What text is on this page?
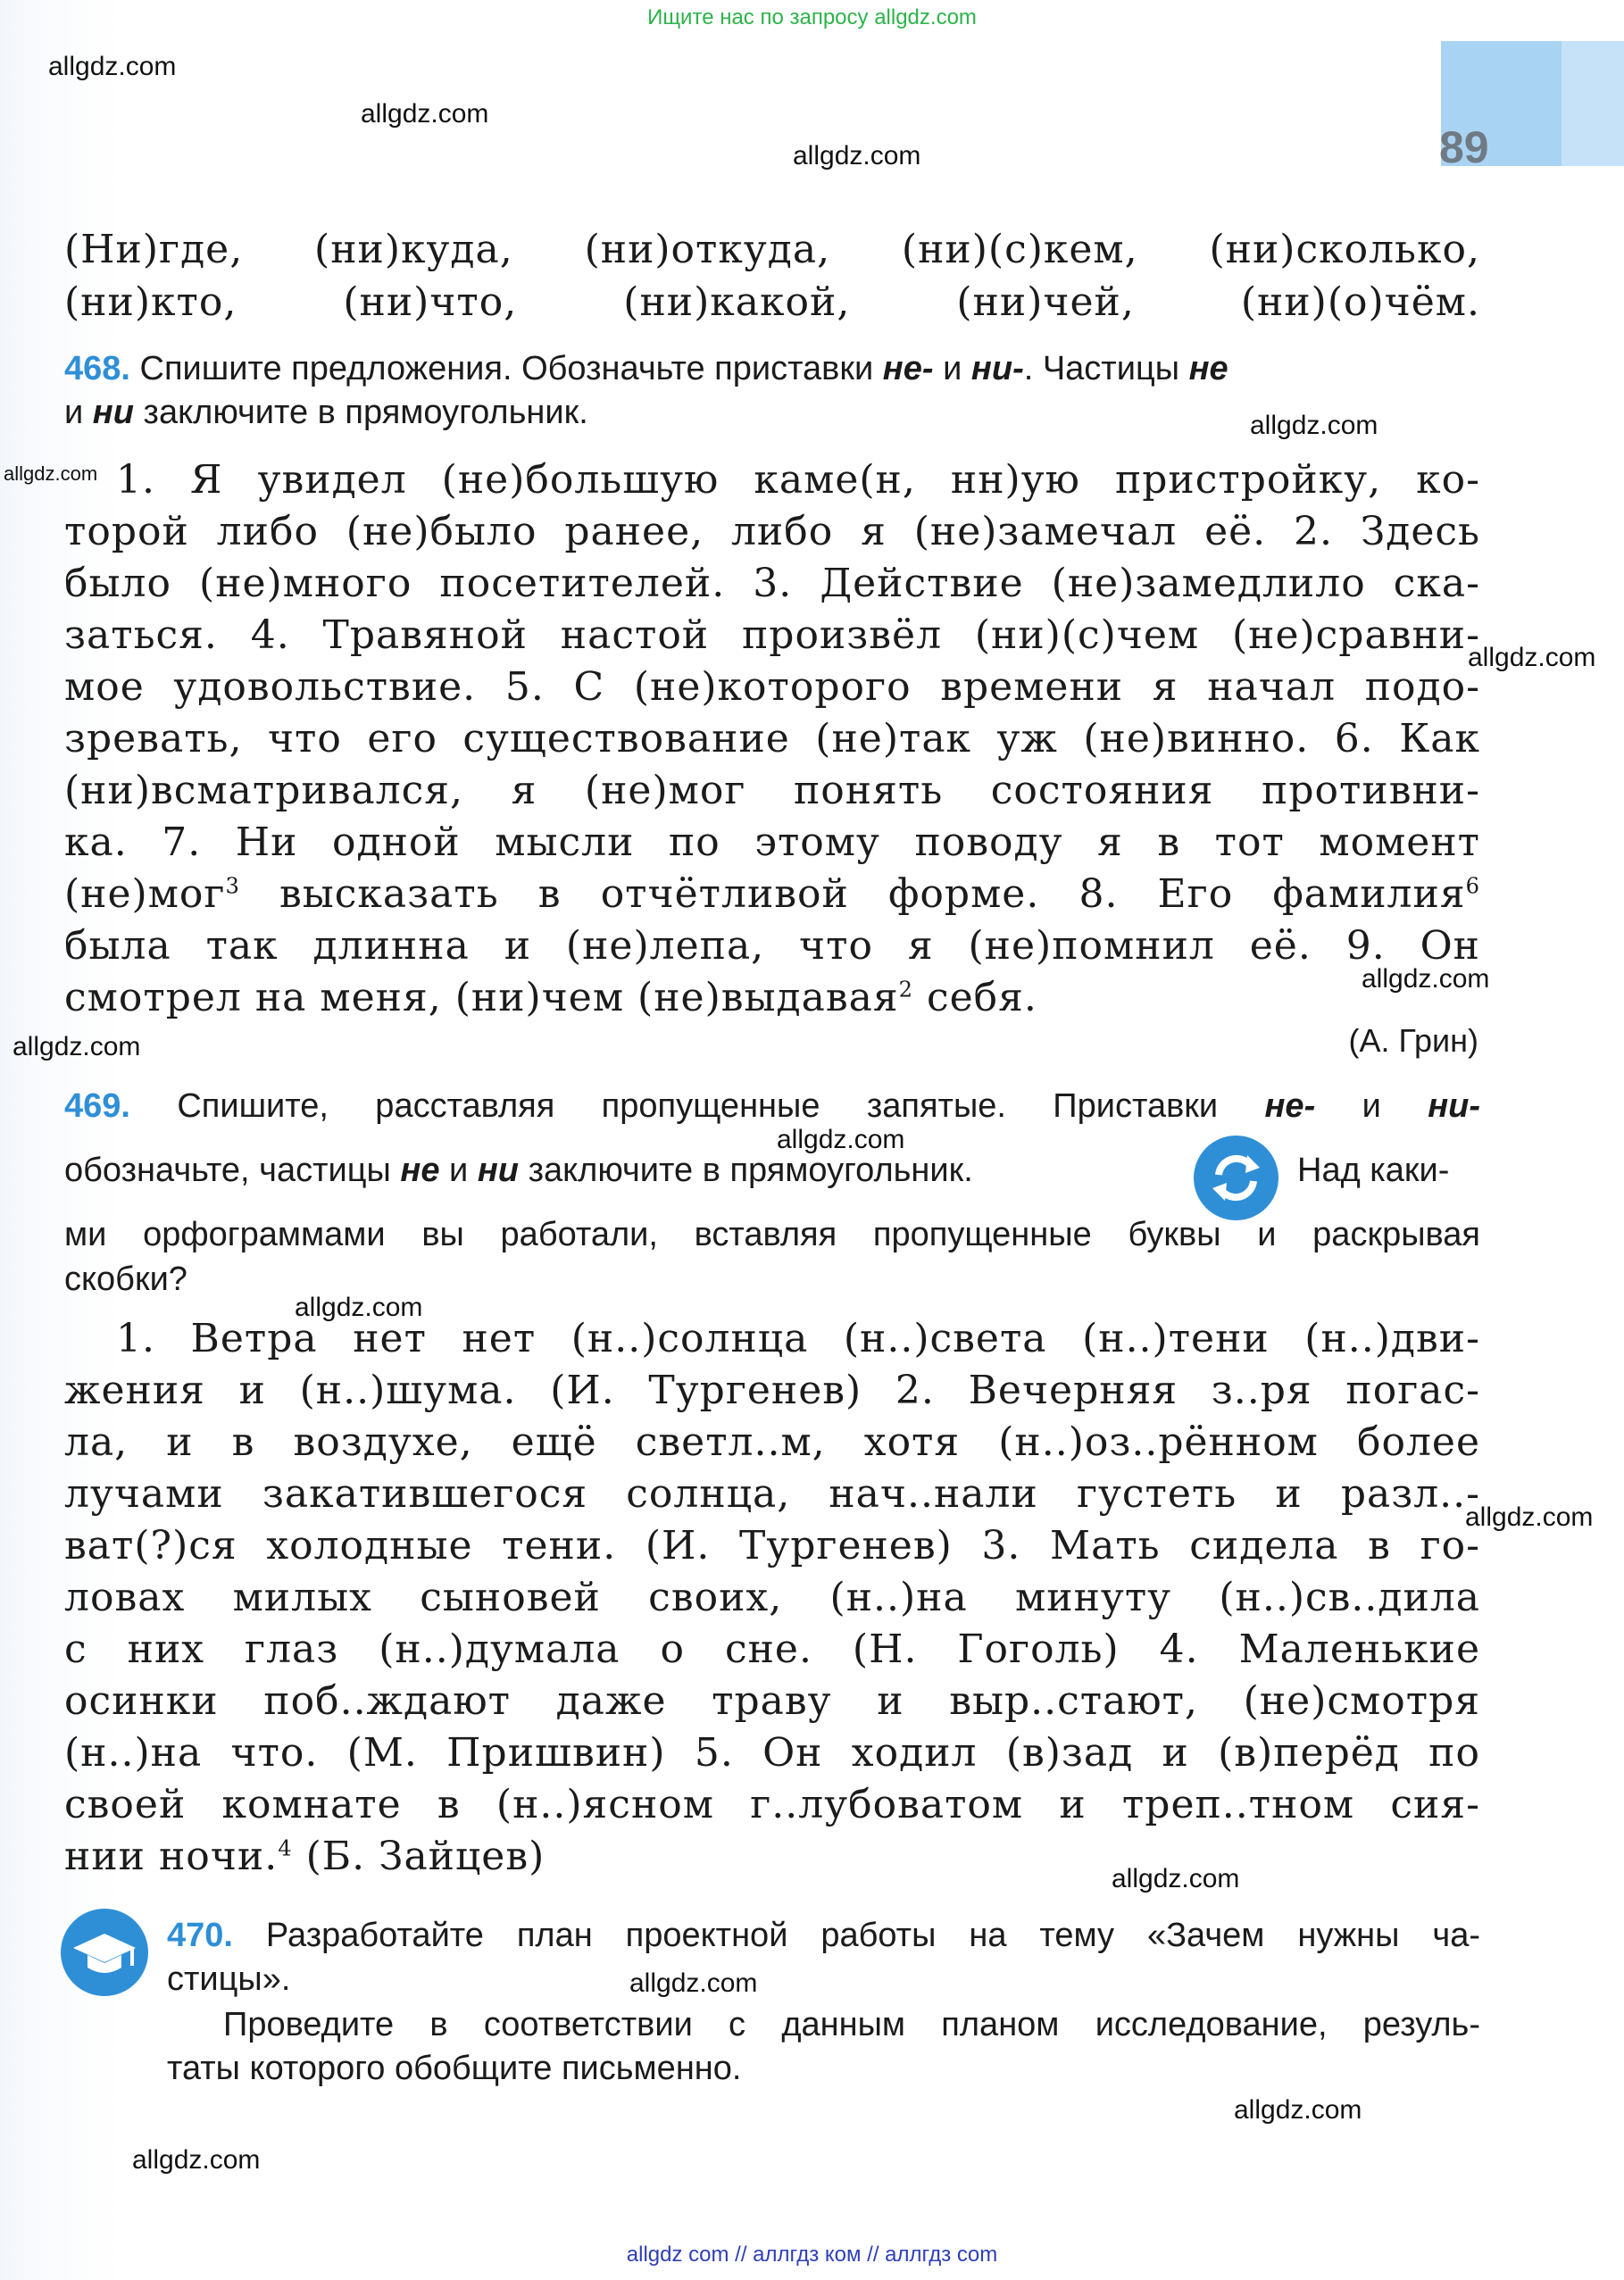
Ищите нас по запросу allgdz.com
89
allgdz.com
allgdz.com
allgdz.com
allgdz.com
allgdz.com
allgdz.com
allgdz.com
allgdz.com
allgdz.com
allgdz.com
allgdz.com
allgdz.com
allgdz.com
allgdz.com
allgdz.com
(Ни)где, (ни)куда, (ни)откуда, (ни)(с)кем, (ни)сколько,
(ни)кто, (ни)что, (ни)какой, (ни)чей, (ни)(о)чём.
468. Спишите предложения. Обозначьте приставки не- и ни-. Частицы не
и ни заключите в прямоугольник.
1. Я увидел (не)большую каме(н, нн)ую пристройку, ко-
торой либо (не)было ранее, либо я (не)замечал её. 2. Здесь
было (не)много посетителей. 3. Действие (не)замедлило ска-
заться. 4. Травяной настой произвёл (ни)(с)чем (не)сравни-
мое удовольствие. 5. С (не)которого времени я начал подо-
зревать, что его существование (не)так уж (не)винно. 6. Как
(ни)всматривался, я (не)мог понять состояния противни-
ка. 7. Ни одной мысли по этому поводу я в тот момент
(не)мог$^3$ высказать в отчётливой форме. 8. Его фамилия$^6$
была так длинна и (не)лепа, что я (не)помнил её. 9. Он
смотрел на меня, (ни)чем (не)выдавая$^2$ себя.
(А. Грин)
469. Спишите, расставляя пропущенные запятые. Приставки не- и ни-
обозначьте, частицы не и ни заключите в прямоугольник.	Над каки-
ми орфограммами вы работали, вставляя пропущенные буквы и раскрывая
скобки?
1. Ветра нет нет (н..)солнца (н..)света (н..)тени (н..)дви-
жения и (н..)шума. (И. Тургенев) 2. Вечерняя з..ря погас-
ла, и в воздухе, ещё светл..м, хотя (н..)оз..рённом более
лучами закатившегося солнца, нач..нали густеть и разл..-
ват(?)ся холодные тени. (И. Тургенев) 3. Мать сидела в го-
ловах милых сыновей своих, (н..)на минуту (н..)св..дила
с них глаз (н..)думала о сне. (Н. Гоголь) 4. Маленькие
осинки поб..ждают даже траву и выр..стают, (не)смотря
(н..)на что. (М. Пришвин) 5. Он ходил (в)зад и (в)перёд по
своей комнате в (н..)ясном г..лубоватом и треп..тном сия-
нии ночи.$^4$ (Б. Зайцев)
470. Разработайте план проектной работы на тему «Зачем нужны ча-
стицы».
Проведите в соответствии с данным планом исследование, резуль-
таты которого обобщите письменно.
allgdz com // аллгдз ком // аллгдз com
